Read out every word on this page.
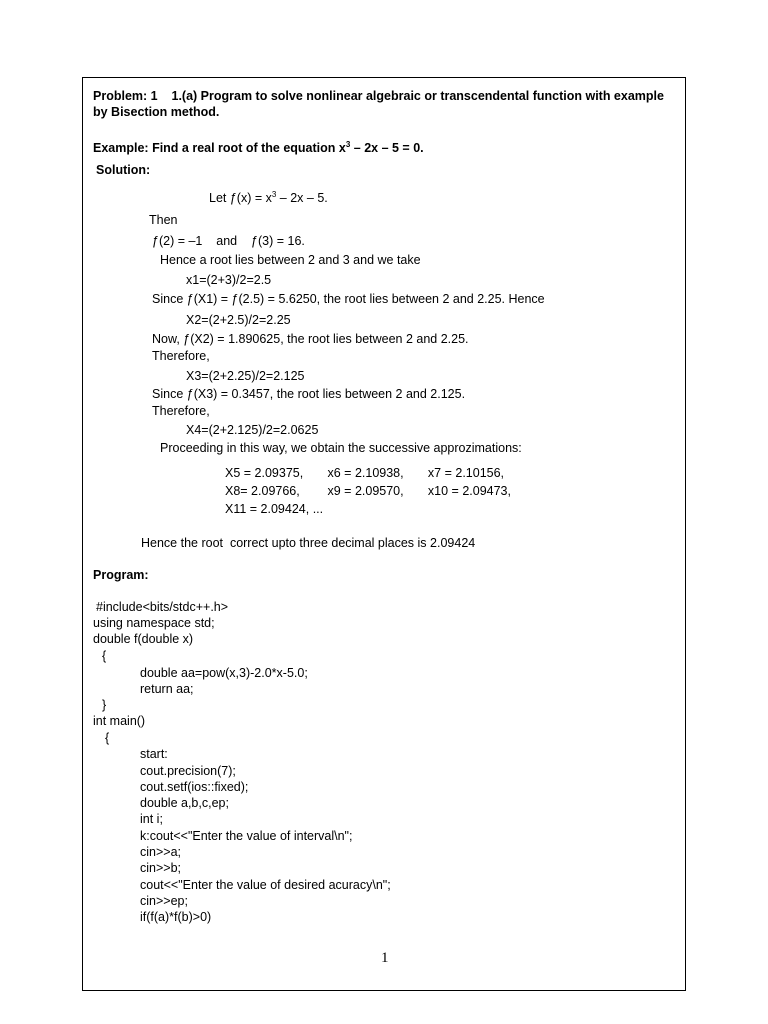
Problem: 1    1.(a) Program to solve nonlinear algebraic or transcendental function with example
by Bisection method.
Example: Find a real root of the equation $x^3 - 2x - 5 = 0$.
Solution:
Let ƒ(x) = $x^3 - 2x - 5$.
Then
ƒ(2) = –1    and    ƒ(3) = 16.
Hence a root lies between 2 and 3 and we take
x1=(2+3)/2=2.5
Since ƒ(X1) = ƒ(2.5) = 5.6250, the root lies between 2 and 2.25. Hence
X2=(2+2.5)/2=2.25
Now, ƒ(X2) = 1.890625, the root lies between 2 and 2.25.
Therefore,
X3=(2+2.25)/2=2.125
Since ƒ(X3) = 0.3457, the root lies between 2 and 2.125.
Therefore,
X4=(2+2.125)/2=2.0625
Proceeding in this way, we obtain the successive approzimations:
X5 = 2.09375,       x6 = 2.10938,       x7 = 2.10156,
X8= 2.09766,        x9 = 2.09570,       x10 = 2.09473,
X11 = 2.09424, ...
Hence the root  correct upto three decimal places is 2.09424
Program:
#include<bits/stdc++.h>
using namespace std;
double f(double x)
{
double aa=pow(x,3)-2.0*x-5.0;
return aa;
}
int main()
{
start:
cout.precision(7);
cout.setf(ios::fixed);
double a,b,c,ep;
int i;
k:cout<<"Enter the value of interval\n";
cin>>a;
cin>>b;
cout<<"Enter the value of desired acuracy\n";
cin>>ep;
if(f(a)*f(b)>0)
1
